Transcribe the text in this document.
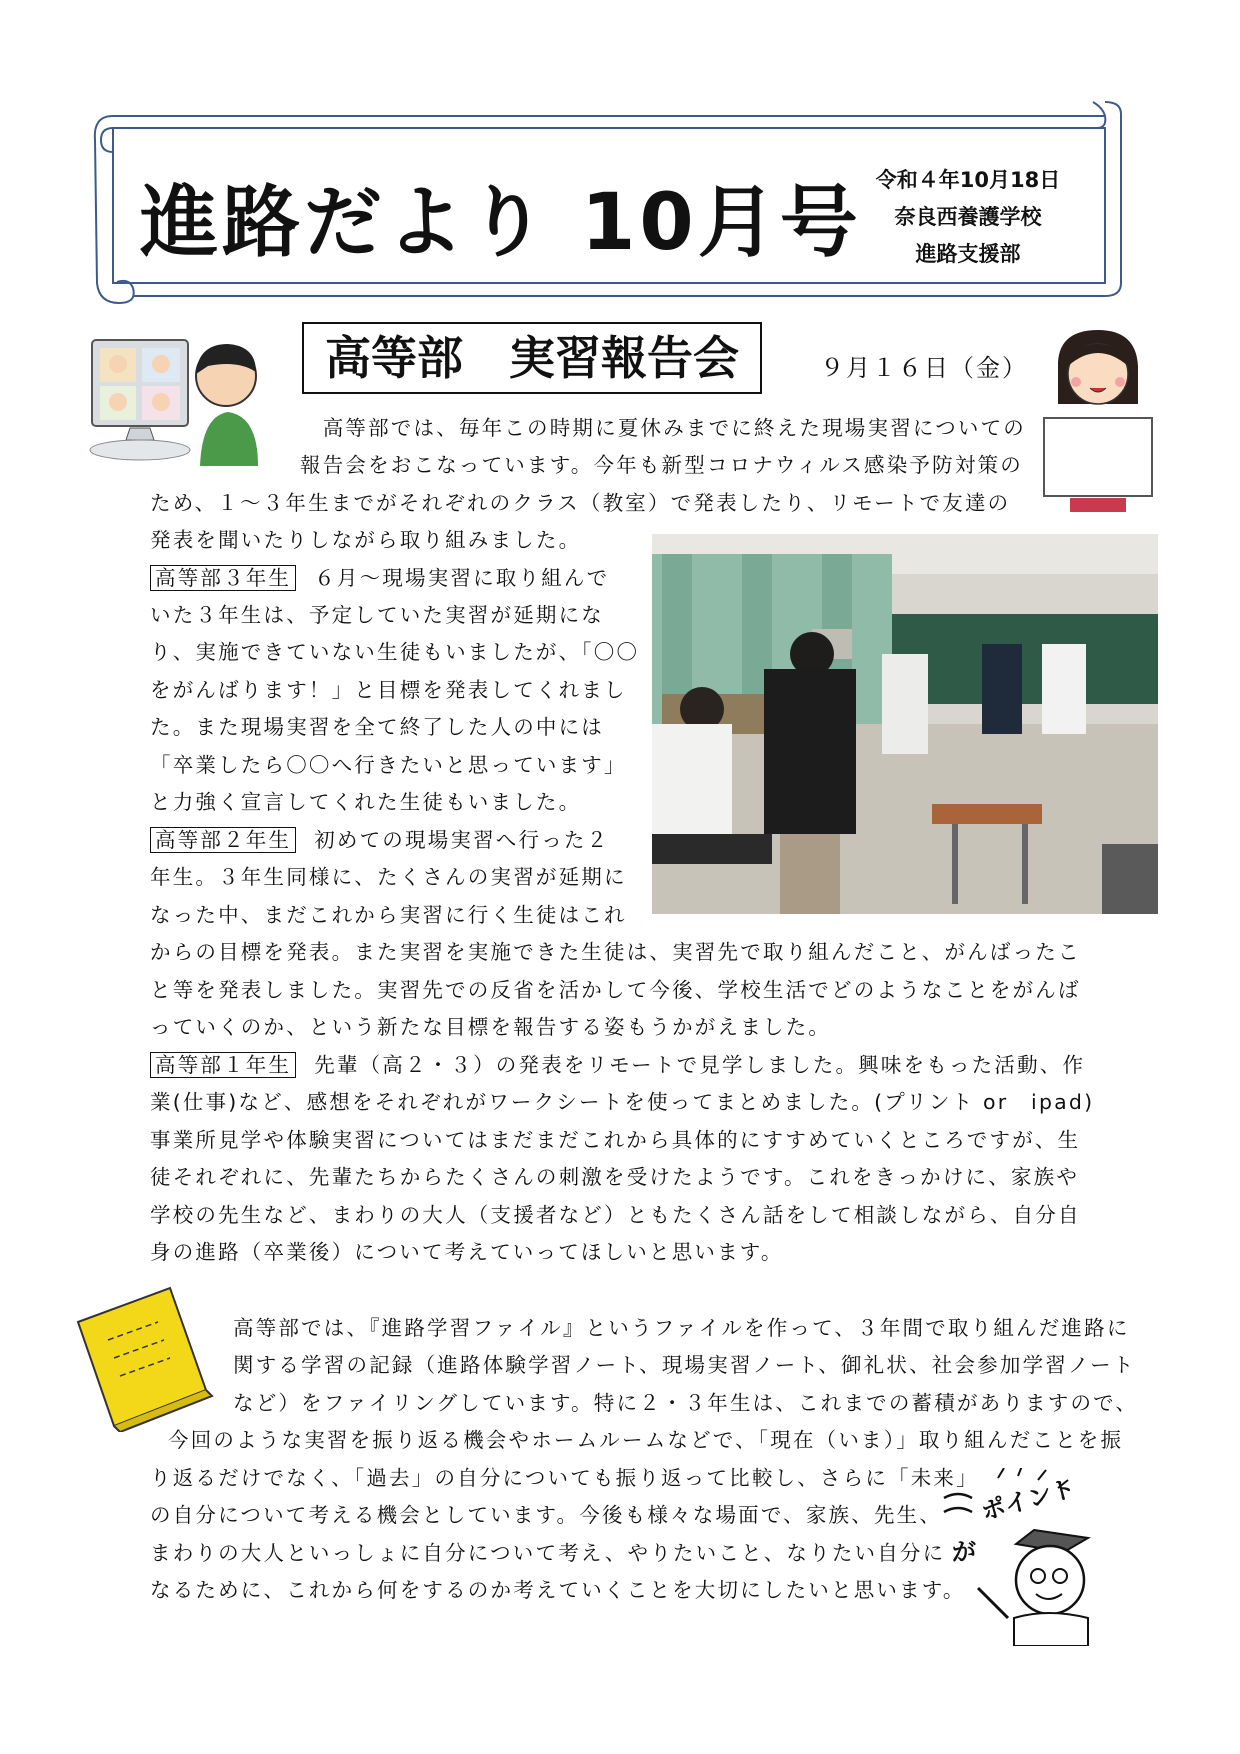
進路だより 10月号 令和４年10月18日
奈良西養護学校
進路支援部
高等部　実習報告会	９月１６日（金）
　高等部では、毎年この時期に夏休みまでに終えた現場実習についての
報告会をおこなっています。今年も新型コロナウィルス感染予防対策の
ため、１～３年生までがそれぞれのクラス（教室）で発表したり、リモートで友達の
発表を聞いたりしながら取り組みました。
高等部３年生 ６月～現場実習に取り組んで
いた３年生は、予定していた実習が延期にな
り、実施できていない生徒もいましたが、「〇〇
をがんばります！」と目標を発表してくれまし
た。また現場実習を全て終了した人の中には
「卒業したら〇〇へ行きたいと思っています」
と力強く宣言してくれた生徒もいました。
高等部２年生 初めての現場実習へ行った２
年生。３年生同様に、たくさんの実習が延期に
なった中、まだこれから実習に行く生徒はこれ
からの目標を発表。また実習を実施できた生徒は、実習先で取り組んだこと、がんばったこ
と等を発表しました。実習先での反省を活かして今後、学校生活でどのようなことをがんば
っていくのか、という新たな目標を報告する姿もうかがえました。
高等部１年生 先輩（高２・３）の発表をリモートで見学しました。興味をもった活動、作
業(仕事)など、感想をそれぞれがワークシートを使ってまとめました。(プリント or　ipad)
事業所見学や体験実習についてはまだまだこれから具体的にすすめていくところですが、生
徒それぞれに、先輩たちからたくさんの刺激を受けたようです。これをきっかけに、家族や
学校の先生など、まわりの大人（支援者など）ともたくさん話をして相談しながら、自分自
身の進路（卒業後）について考えていってほしいと思います。
高等部では、『進路学習ファイル』というファイルを作って、３年間で取り組んだ進路に
関する学習の記録（進路体験学習ノート、現場実習ノート、御礼状、社会参加学習ノート
など）をファイリングしています。特に２・３年生は、これまでの蓄積がありますので、
今回のような実習を振り返る機会やホームルームなどで、「現在（いま）」取り組んだことを振
り返るだけでなく、「過去」の自分についても振り返って比較し、さらに「未来」
の自分について考える機会としています。今後も様々な場面で、家族、先生、
まわりの大人といっしょに自分について考え、やりたいこと、なりたい自分に
なるために、これから何をするのか考えていくことを大切にしたいと思います。
ポイント
が
